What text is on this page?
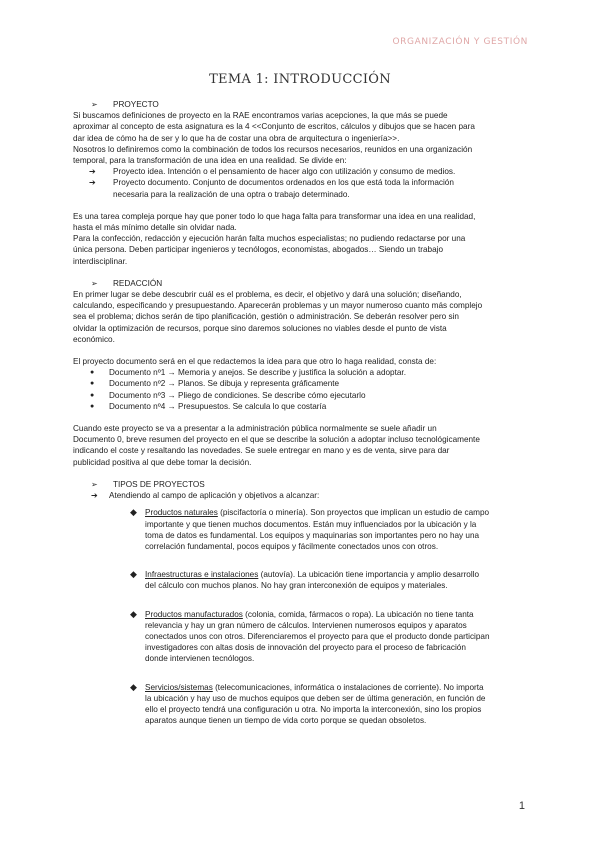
ORGANIZACIÓN Y GESTIÓN
TEMA 1: INTRODUCCIÓN

➢ PROYECTO

Si buscamos definiciones de proyecto en la RAE encontramos varias acepciones, la que más se puede

aproximar al concepto de esta asignatura es la 4 <<Conjunto de escritos, cálculos y dibujos que se hacen para

dar idea de cómo ha de ser y lo que ha de costar una obra de arquitectura o ingeniería>>.

Nosotros lo definiremos como la combinación de todos los recursos necesarios, reunidos en una organización

temporal, para la transformación de una idea en una realidad. Se divide en:

➔ Proyecto idea. Intención o el pensamiento de hacer algo con utilización y consumo de medios.
➔ Proyecto documento. Conjunto de documentos ordenados en los que está toda la información
necesaria para la realización de una optra o trabajo determinado.

Es una tarea compleja porque hay que poner todo lo que haga falta para transformar una idea en una realidad,

hasta el más mínimo detalle sin olvidar nada.

Para la confección, redacción y ejecución harán falta muchos especialistas; no pudiendo redactarse por una

única persona. Deben participar ingenieros y tecnólogos, economistas, abogados… Siendo un trabajo

interdisciplinar.

➢ REDACCIÓN

En primer lugar se debe descubrir cuál es el problema, es decir, el objetivo y dará una solución; diseñando,

calculando, especificando y presupuestando. Aparecerán problemas y un mayor numeroso cuanto más complejo

sea el problema; dichos serán de tipo planificación, gestión o administración. Se deberán resolver pero sin

olvidar la optimización de recursos, porque sino daremos soluciones no viables desde el punto de vista

económico.

El proyecto documento será en el que redactemos la idea para que otro lo haga realidad, consta de:

● Documento nº1 → Memoria y anejos. Se describe y justifica la solución a adoptar.
● Documento nº2 → Planos. Se dibuja y representa gráficamente
● Documento nº3 → Pliego de condiciones. Se describe cómo ejecutarlo
● Documento nº4 → Presupuestos. Se calcula lo que costaría

Cuando este proyecto se va a presentar a la administración pública normalmente se suele añadir un

Documento 0, breve resumen del proyecto en el que se describe la solución a adoptar incluso tecnológicamente

indicando el coste y resaltando las novedades. Se suele entregar en mano y es de venta, sirve para dar

publicidad positiva al que debe tomar la decisión.

➢ TIPOS DE PROYECTOS

➔ Atendiendo al campo de aplicación y objetivos a alcanzar:

◆ Productos naturales (piscifactoría o minería). Son proyectos que implican un estudio de campo
importante y que tienen muchos documentos. Están muy influenciados por la ubicación y la
toma de datos es fundamental. Los equipos y maquinarias son importantes pero no hay una
correlación fundamental, pocos equipos y fácilmente conectados unos con otros.
◆ Infraestructuras e instalaciones (autovía). La ubicación tiene importancia y amplio desarrollo
del cálculo con muchos planos. No hay gran interconexión de equipos y materiales.
◆ Productos manufacturados (colonia, comida, fármacos o ropa). La ubicación no tiene tanta
relevancia y hay un gran número de cálculos. Intervienen numerosos equipos y aparatos
conectados unos con otros. Diferenciaremos el proyecto para que el producto donde participan
investigadores con altas dosis de innovación del proyecto para el proceso de fabricación
donde intervienen tecnólogos.
◆ Servicios/sistemas (telecomunicaciones, informática o instalaciones de corriente). No importa
la ubicación y hay uso de muchos equipos que deben ser de última generación, en función de
ello el proyecto tendrá una configuración u otra. No importa la interconexión, sino los propios
aparatos aunque tienen un tiempo de vida corto porque se quedan obsoletos.
1
